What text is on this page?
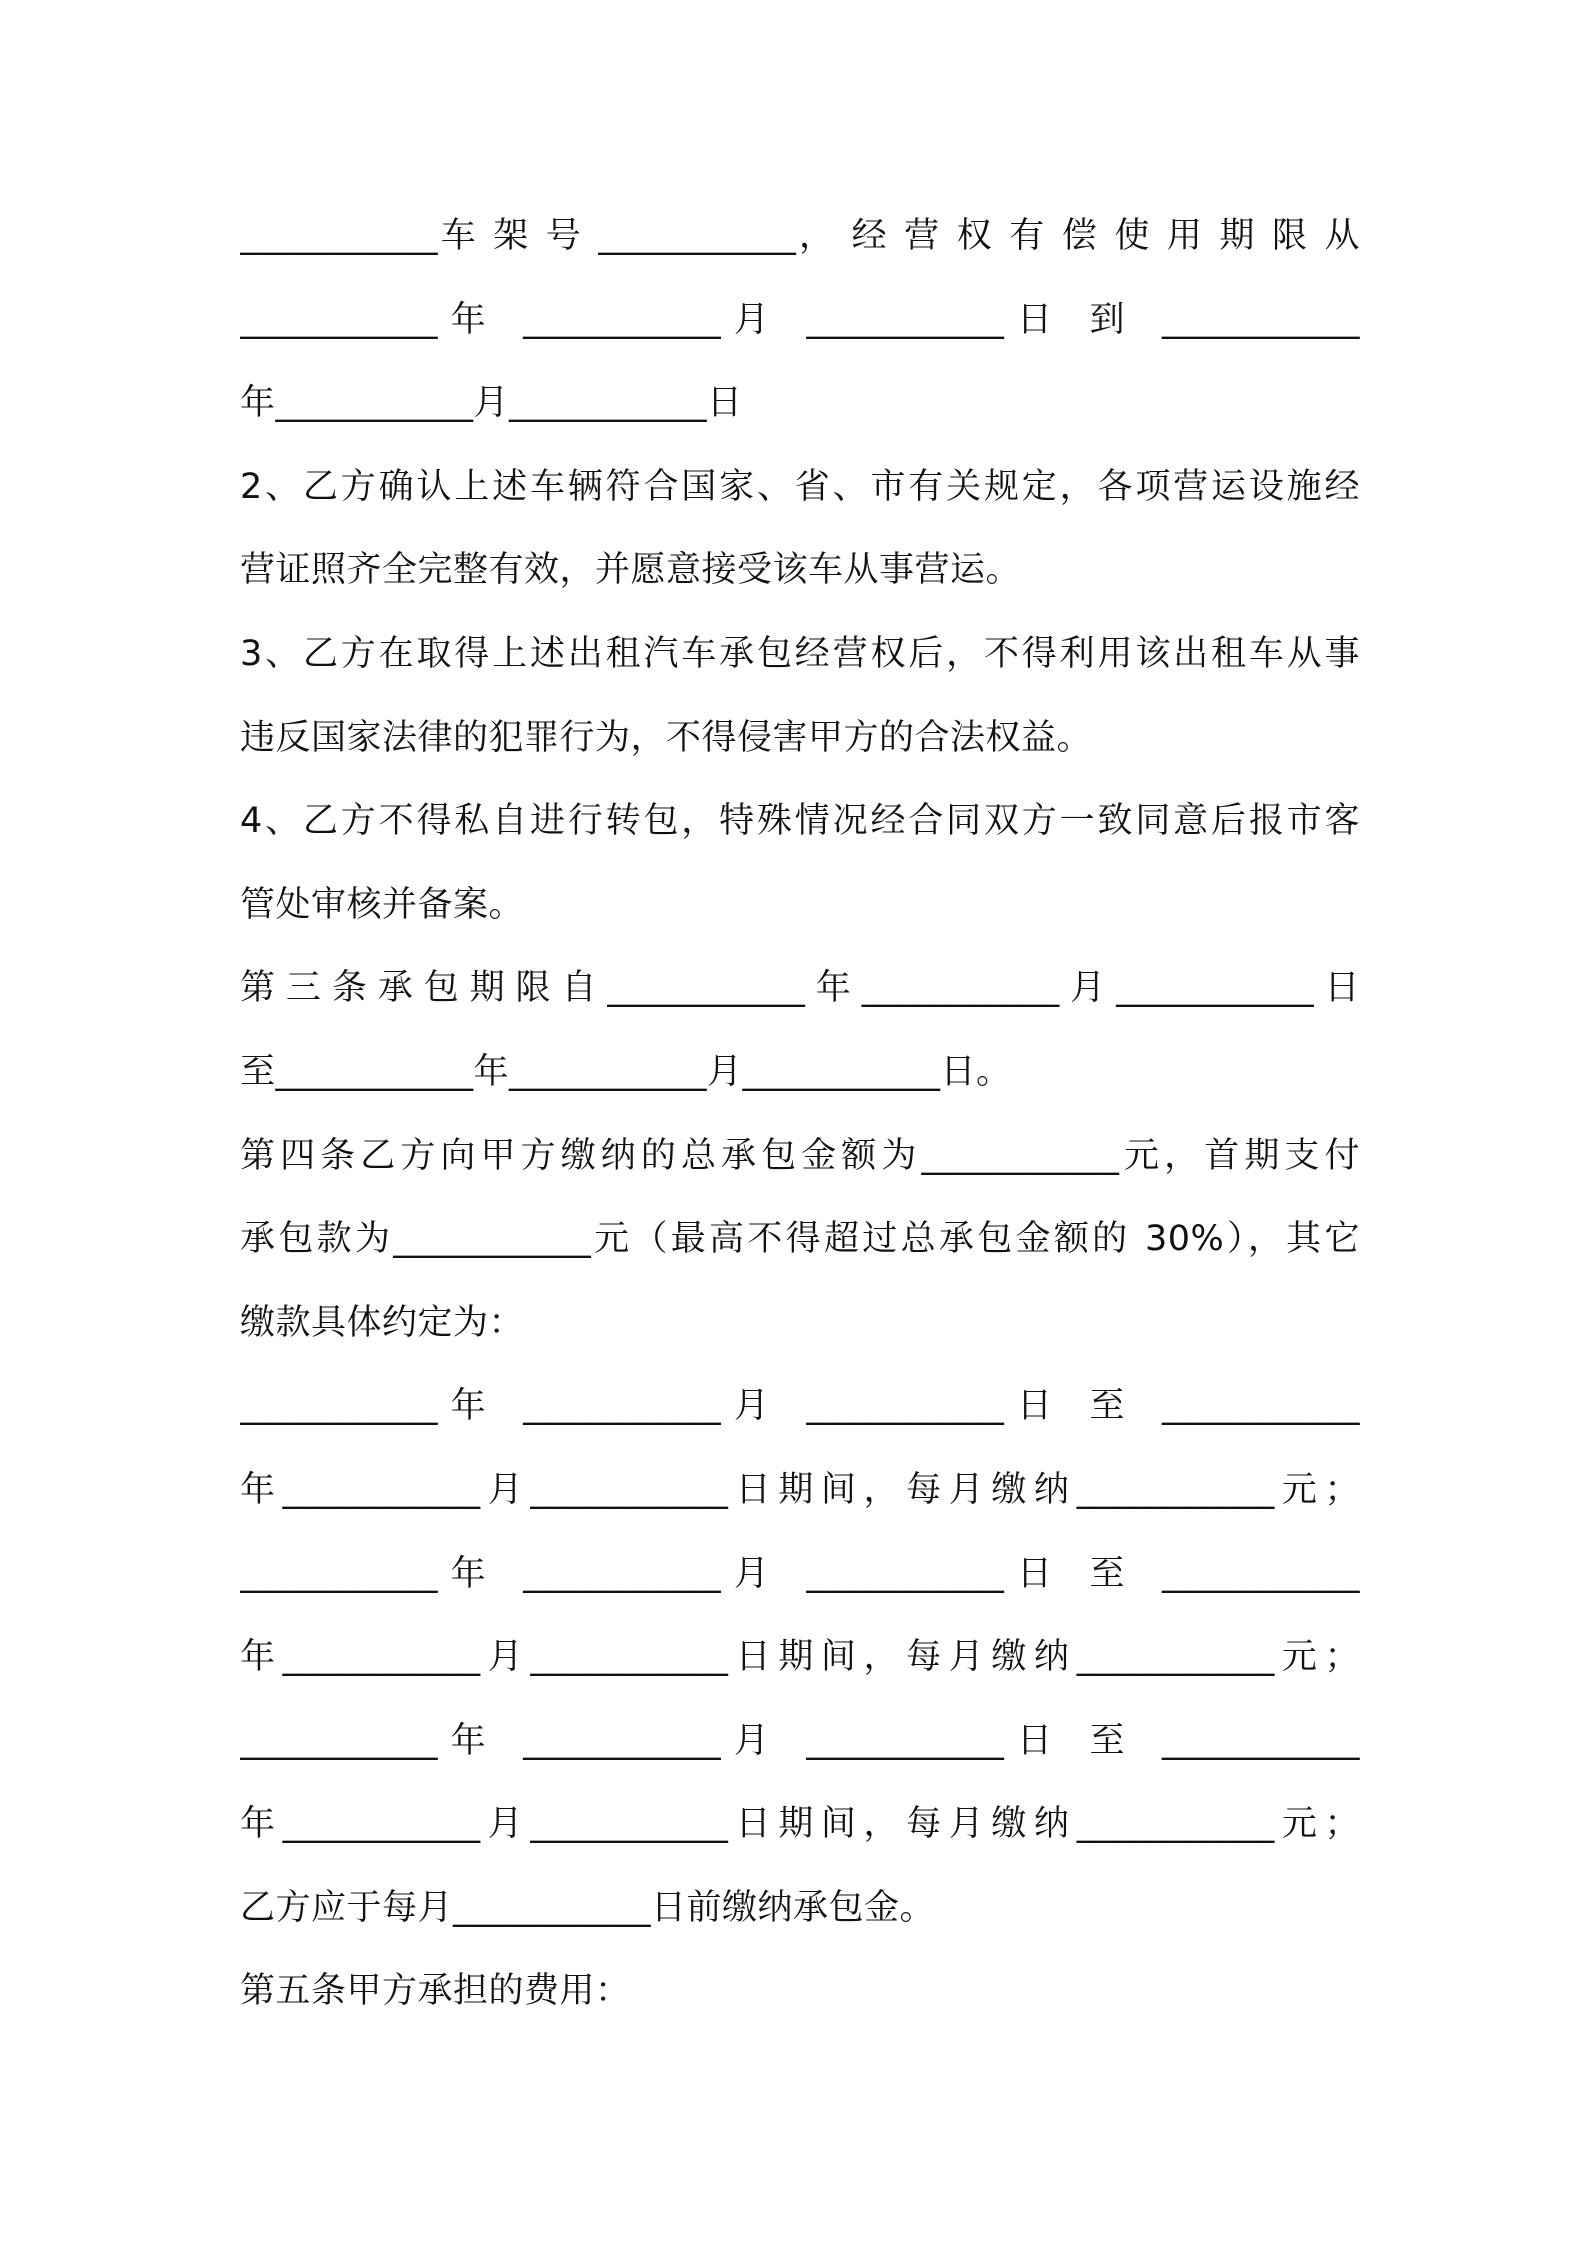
___________车 架 号 ___________， 经 营 权 有 偿 使 用 期 限 从
___________年 ___________月 ___________日 到 ___________
年___________月___________日
2、乙方确认上述车辆符合国家、省、市有关规定，各项营运设施经
营证照齐全完整有效，并愿意接受该车从事营运。
3、乙方在取得上述出租汽车承包经营权后，不得利用该出租车从事
违反国家法律的犯罪行为，不得侵害甲方的合法权益。
4、乙方不得私自进行转包，特殊情况经合同双方一致同意后报市客
管处审核并备案。
第三条承包期限自___________年___________月___________日
至___________年___________月___________日。
第四条乙方向甲方缴纳的总承包金额为___________元，首期支付
承包款为___________元（最高不得超过总承包金额的 30%），其它
缴款具体约定为：
___________年 ___________月 ___________日 至 ___________
年___________月___________日期间，每月缴纳___________元；
___________年 ___________月 ___________日 至 ___________
年___________月___________日期间，每月缴纳___________元；
___________年 ___________月 ___________日 至 ___________
年___________月___________日期间，每月缴纳___________元；
乙方应于每月___________日前缴纳承包金。
第五条甲方承担的费用：
